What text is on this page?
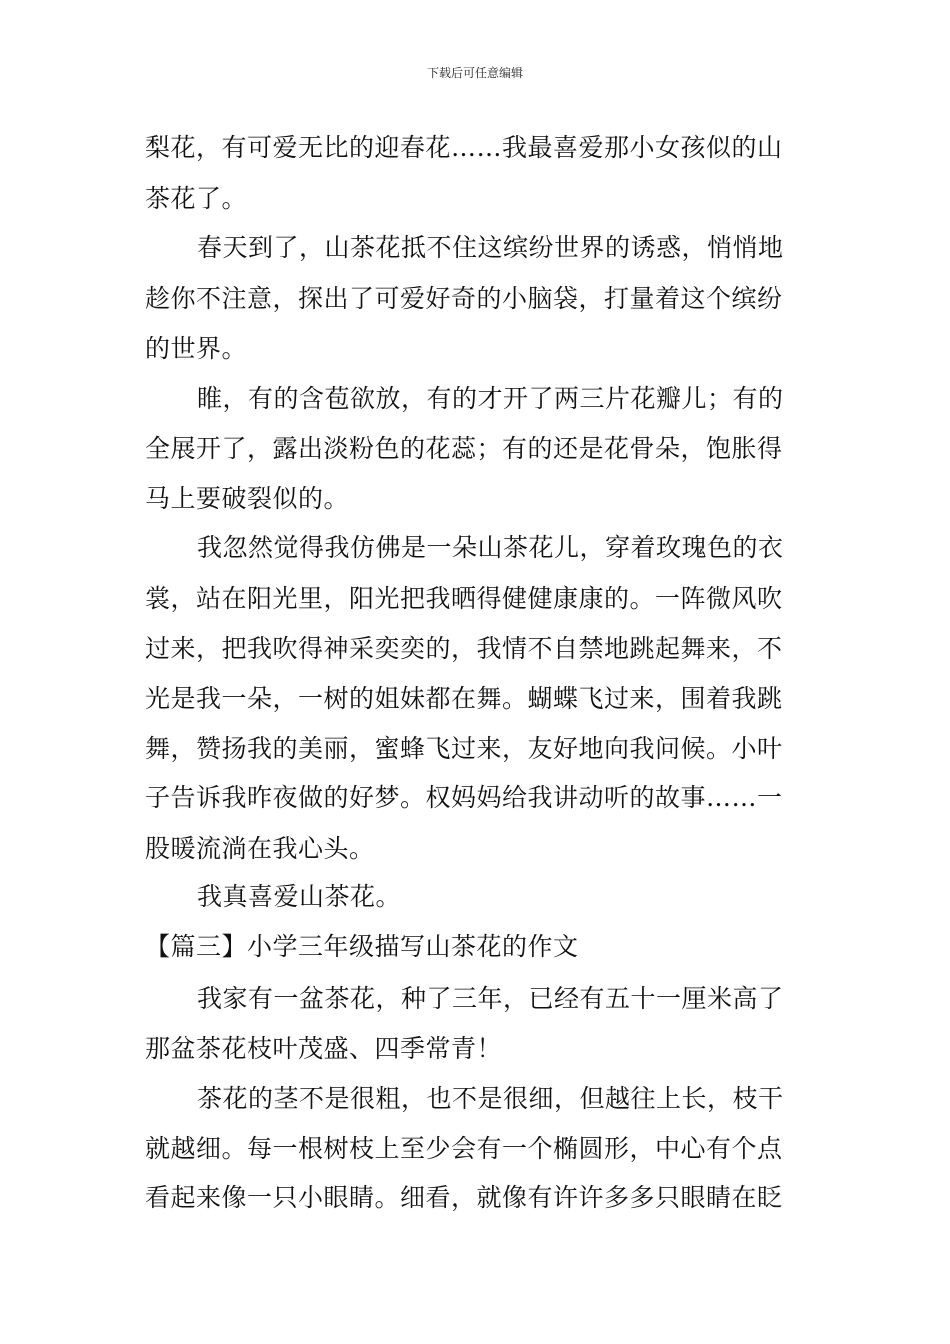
下载后可任意编辑
梨花，有可爱无比的迎春花……我最喜爱那小女孩似的山
茶花了。
春天到了，山茶花抵不住这缤纷世界的诱惑，悄悄地
趁你不注意，探出了可爱好奇的小脑袋，打量着这个缤纷
的世界。
睢，有的含苞欲放，有的才开了两三片花瓣儿；有的
全展开了，露出淡粉色的花蕊；有的还是花骨朵，饱胀得
马上要破裂似的。
我忽然觉得我仿佛是一朵山茶花儿，穿着玫瑰色的衣
裳，站在阳光里，阳光把我晒得健健康康的。一阵微风吹
过来，把我吹得神采奕奕的，我情不自禁地跳起舞来，不
光是我一朵，一树的姐妹都在舞。蝴蝶飞过来，围着我跳
舞，赞扬我的美丽，蜜蜂飞过来，友好地向我问候。小叶
子告诉我昨夜做的好梦。权妈妈给我讲动听的故事……一
股暖流淌在我心头。
我真喜爱山茶花。
【篇三】小学三年级描写山茶花的作文
我家有一盆茶花，种了三年，已经有五十一厘米高了
那盆茶花枝叶茂盛、四季常青！
茶花的茎不是很粗，也不是很细，但越往上长，枝干
就越细。每一根树枝上至少会有一个椭圆形，中心有个点
看起来像一只小眼睛。细看，就像有许许多多只眼睛在眨
